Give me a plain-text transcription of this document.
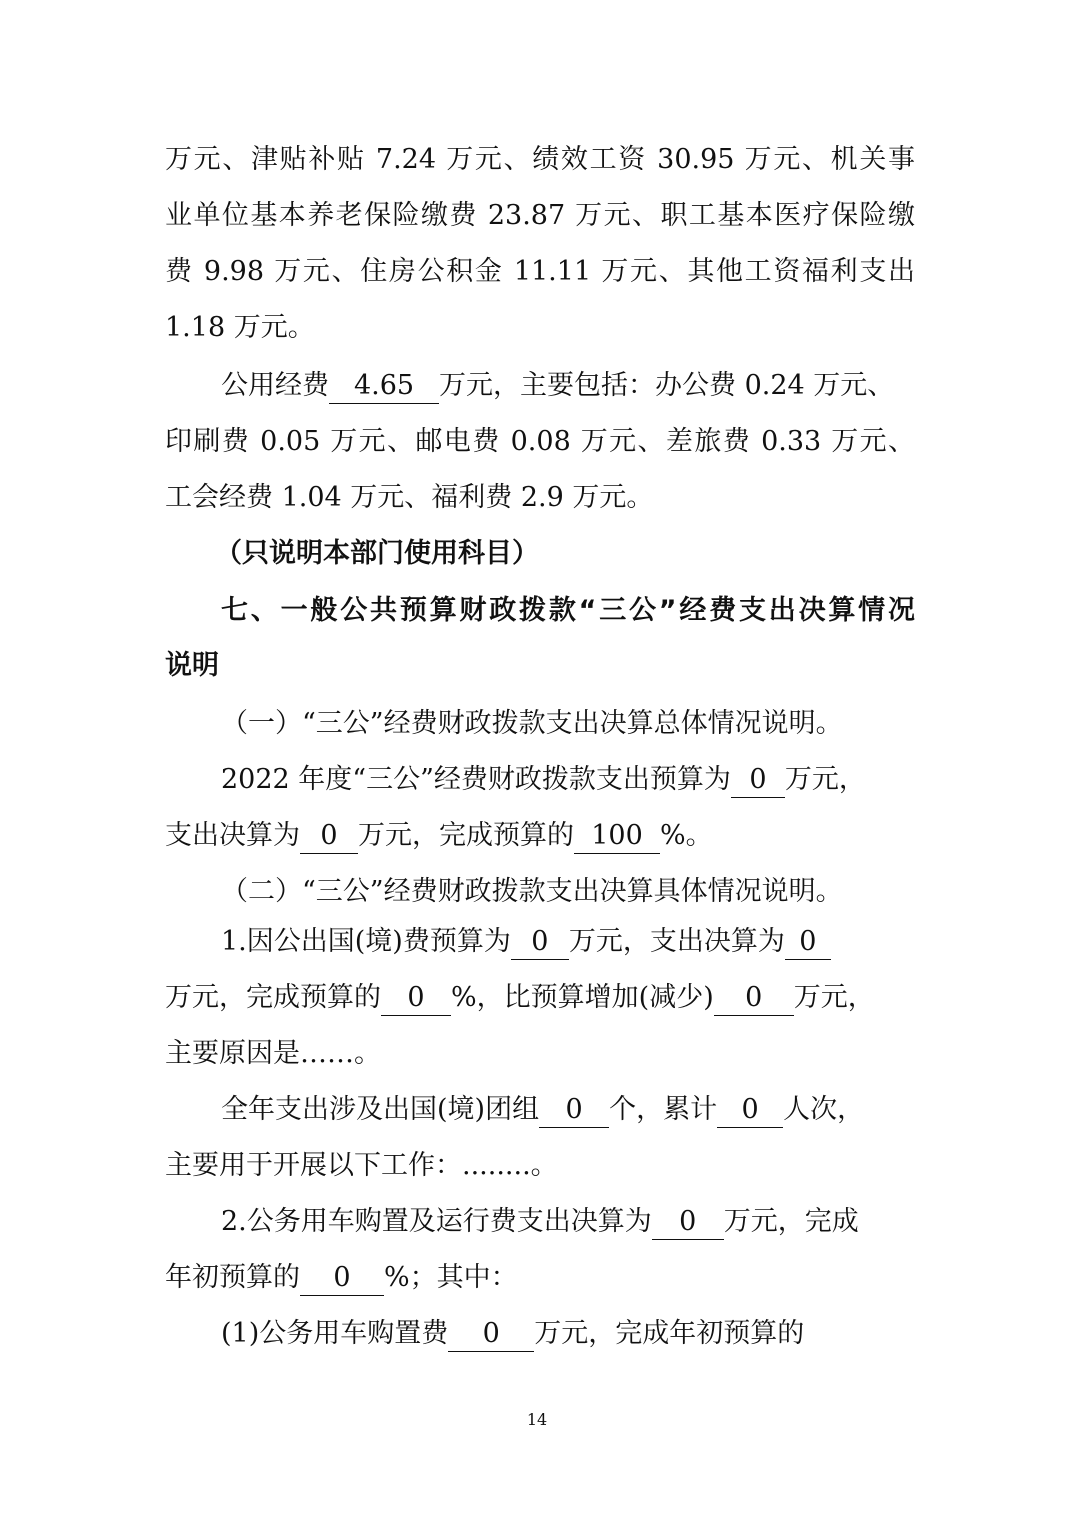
万元、津贴补贴 7.24 万元、绩效工资 30.95 万元、机关事
业单位基本养老保险缴费 23.87 万元、职工基本医疗保险缴
费 9.98 万元、住房公积金 11.11 万元、其他工资福利支出
1.18 万元。
公用经费 4.65 万元，主要包括：办公费 0.24 万元、
印刷费 0.05 万元、邮电费 0.08 万元、差旅费 0.33 万元、
工会经费 1.04 万元、福利费 2.9 万元。
（只说明本部门使用科目）
七、一般公共预算财政拨款“三公”经费支出决算情况
说明
（一）“三公”经费财政拨款支出决算总体情况说明。
2022 年度“三公”经费财政拨款支出预算为 0 万元，
支出决算为 0 万元，完成预算的 100 %。
（二）“三公”经费财政拨款支出决算具体情况说明。
1.因公出国(境)费预算为 0 万元，支出决算为 0
万元，完成预算的 0 %，比预算增加(减少) 0 万元，
主要原因是……。
全年支出涉及出国(境)团组 0 个，累计 0 人次，
主要用于开展以下工作：........。
2.公务用车购置及运行费支出决算为 0 万元，完成
年初预算的 0 %；其中：
(1)公务用车购置费 0 万元，完成年初预算的
14
